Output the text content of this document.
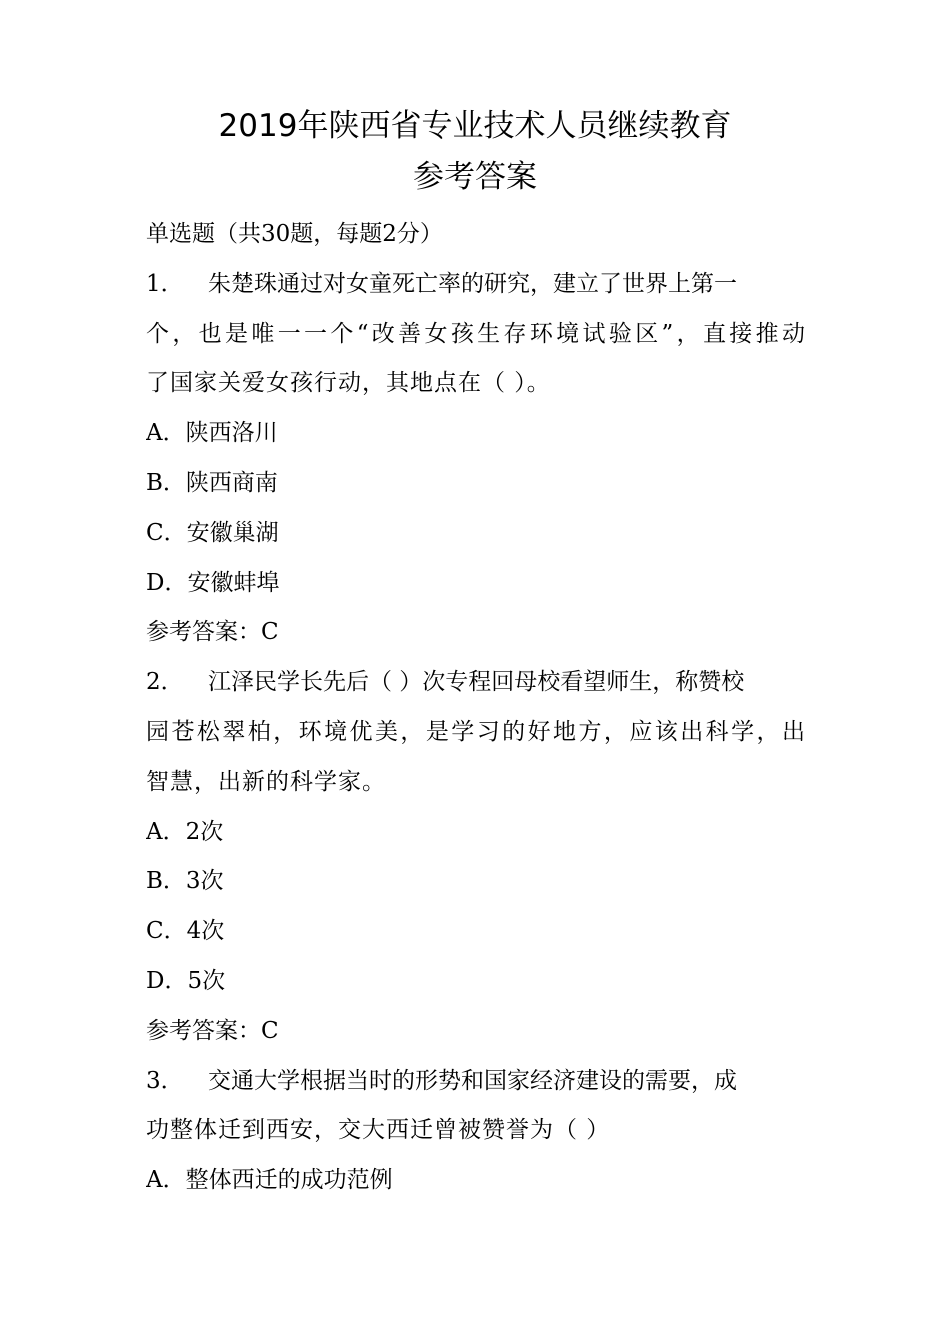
2019年陕西省专业技术人员继续教育
参考答案
单选题（共30题，每题2分）
1． 朱楚珠通过对女童死亡率的研究，建立了世界上第一
个，也是唯一一个“改善女孩生存环境试验区”，直接推动
了国家关爱女孩行动，其地点在（ ）。
A．陕西洛川
B．陕西商南
C．安徽巢湖
D．安徽蚌埠
参考答案：C
2． 江泽民学长先后（ ）次专程回母校看望师生，称赞校
园苍松翠柏，环境优美，是学习的好地方，应该出科学，出
智慧，出新的科学家。
A．2次
B．3次
C．4次
D．5次
参考答案：C
3． 交通大学根据当时的形势和国家经济建设的需要，成
功整体迁到西安，交大西迁曾被赞誉为（ ）
A．整体西迁的成功范例
